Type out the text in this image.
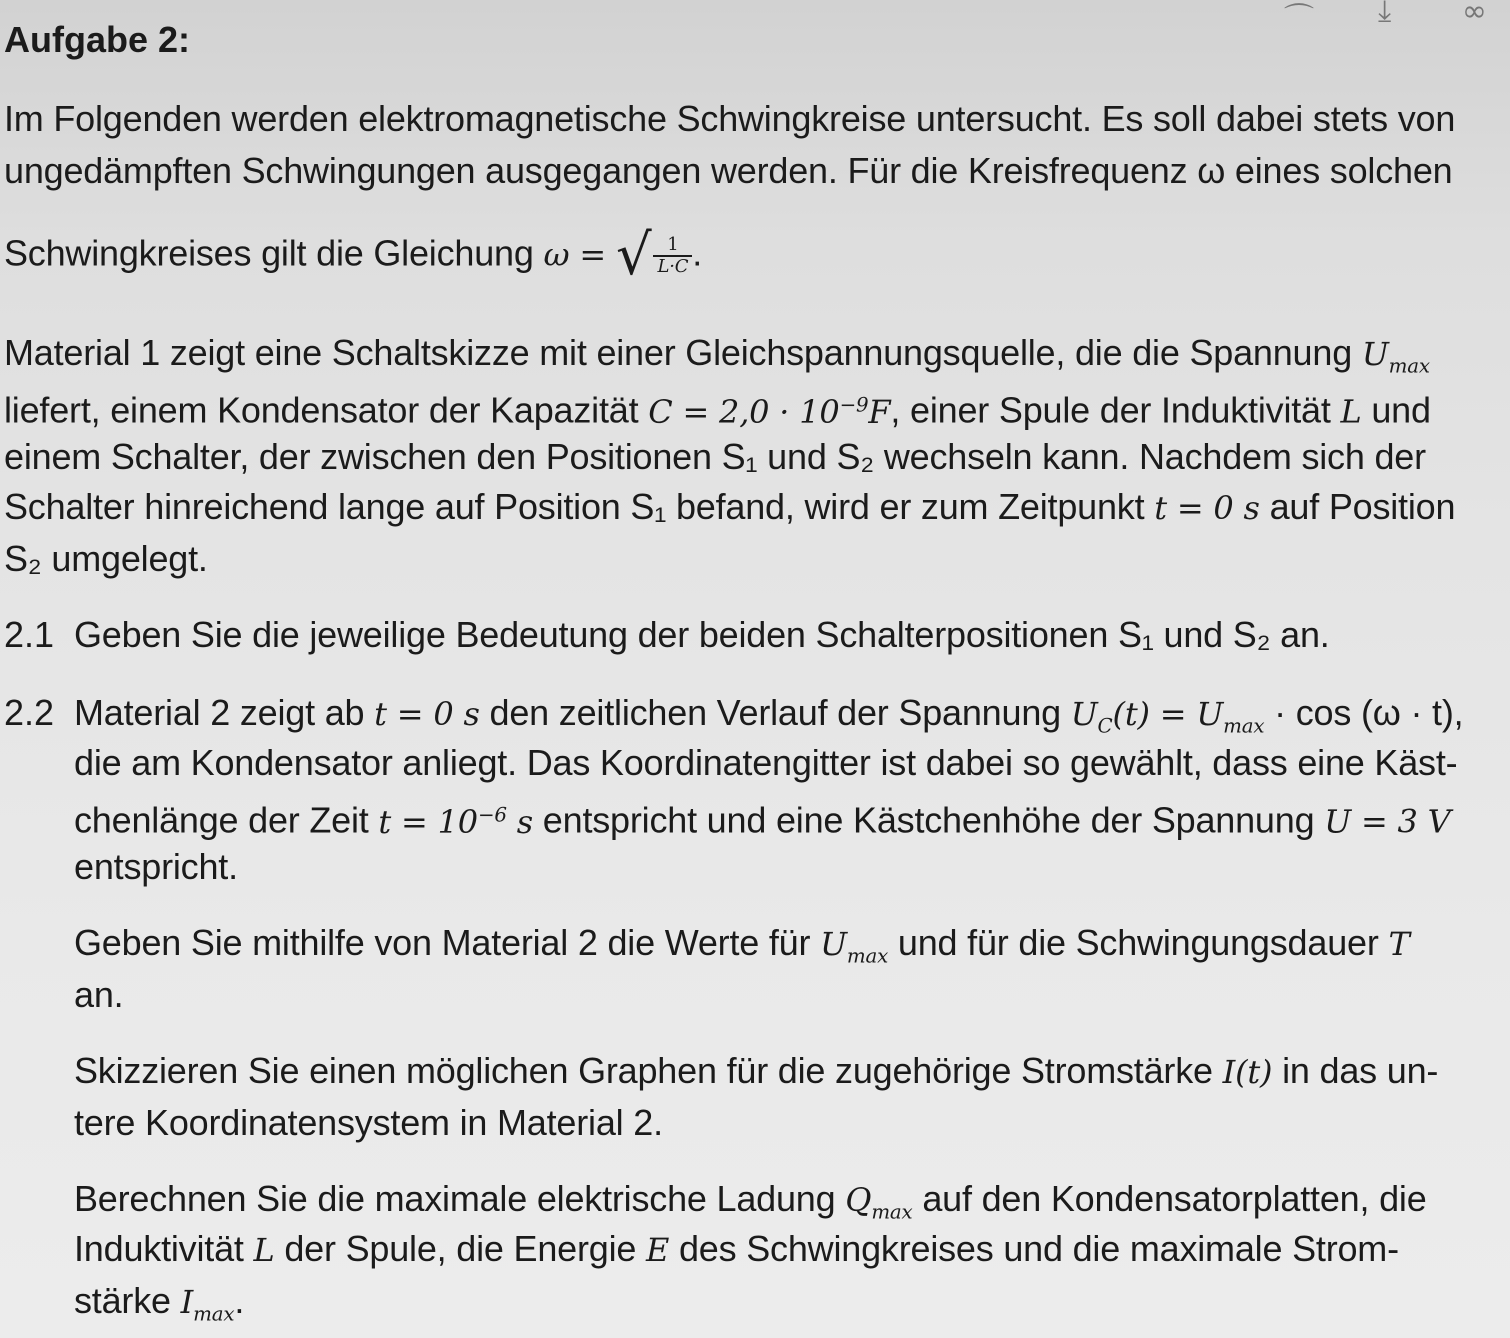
⌒ ⤓ ∞
Aufgabe 2:
Im Folgenden werden elektromagnetische Schwingkreise untersucht. Es soll dabei stets von
ungedämpften Schwingungen ausgegangen werden. Für die Kreisfrequenz ω eines solchen
Schwingkreises gilt die Gleichung ω = √ $\frac{1}{L\cdot C}$ .
Material 1 zeigt eine Schaltskizze mit einer Gleichspannungsquelle, die die Spannung $U_{max}$
liefert, einem Kondensator der Kapazität $C = 2,0 \cdot 10^{-9}F$, einer Spule der Induktivität L und
einem Schalter, der zwischen den Positionen S₁ und S₂ wechseln kann. Nachdem sich der
Schalter hinreichend lange auf Position S₁ befand, wird er zum Zeitpunkt t = 0 s auf Position
S₂ umgelegt.
2.1 Geben Sie die jeweilige Bedeutung der beiden Schalterpositionen S₁ und S₂ an.
2.2 Material 2 zeigt ab t = 0 s den zeitlichen Verlauf der Spannung $U_C(t) = U_{max} \cdot \cos (\omega \cdot t)$,
die am Kondensator anliegt. Das Koordinatengitter ist dabei so gewählt, dass eine Käst-
chenlänge der Zeit $t = 10^{-6}$ s entspricht und eine Kästchenhöhe der Spannung U = 3 V
entspricht.
Geben Sie mithilfe von Material 2 die Werte für $U_{max}$ und für die Schwingungsdauer T
an.
Skizzieren Sie einen möglichen Graphen für die zugehörige Stromstärke I(t) in das un-
tere Koordinatensystem in Material 2.
Berechnen Sie die maximale elektrische Ladung $Q_{max}$ auf den Kondensatorplatten, die
Induktivität L der Spule, die Energie E des Schwingkreises und die maximale Strom-
stärke $I_{max}$.
